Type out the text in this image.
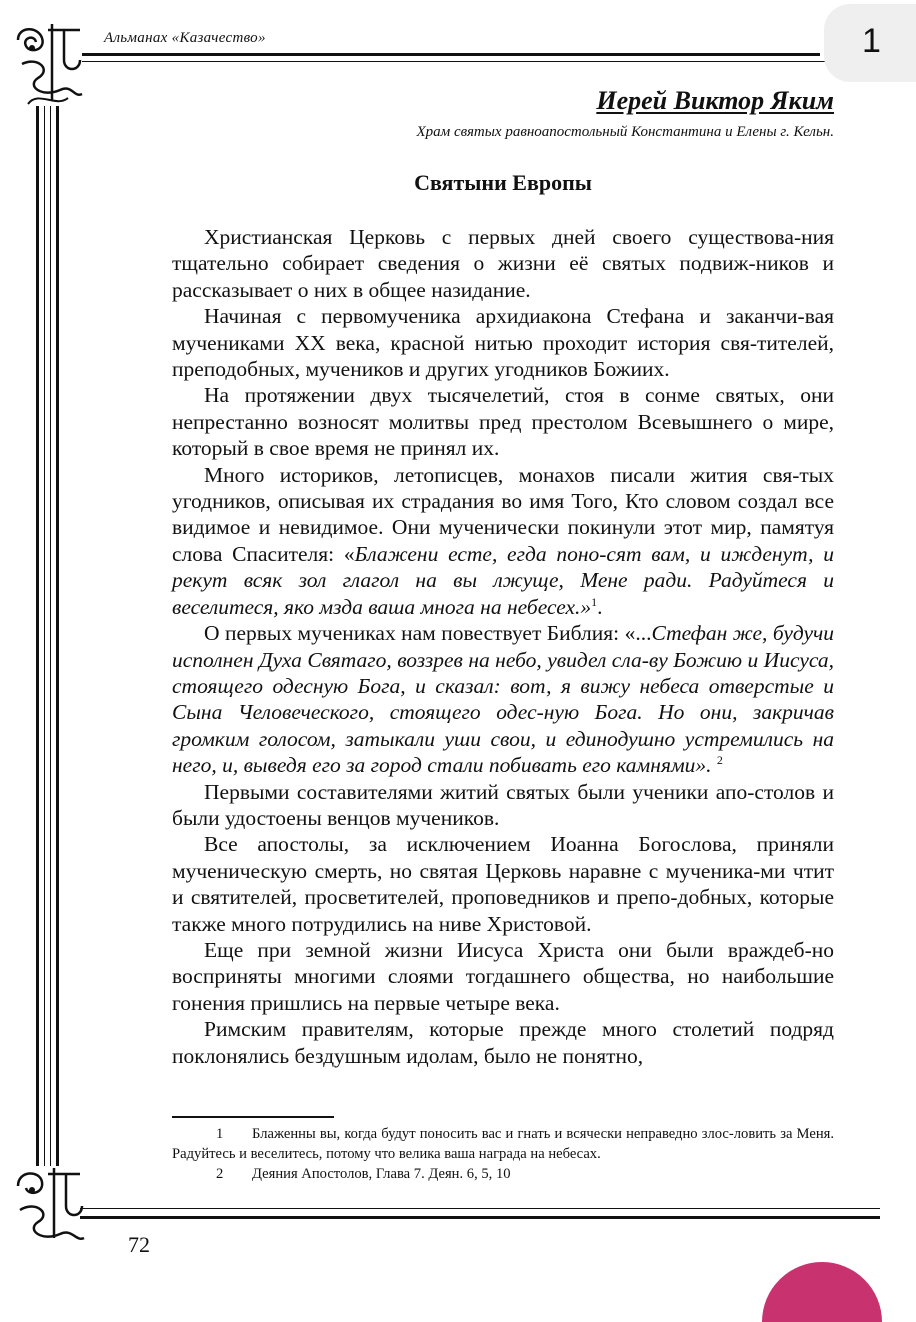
Альманах «Казачество»	1
Иерей Виктор Яким
Храм святых равноапостольный Константина и Елены г. Кельн.
Святыни Европы

Христианская Церковь с первых дней своего существова-ния тщательно собирает сведения о жизни её святых подвиж-ников и рассказывает о них в общее назидание.

Начиная с первомученика архидиакона Стефана и заканчи-вая мучениками XX века, красной нитью проходит история свя-тителей, преподобных, мучеников и других угодников Божиих.

На протяжении двух тысячелетий, стоя в сонме святых, они непрестанно возносят молитвы пред престолом Всевышнего о мире, который в свое время не принял их.

Много историков, летописцев, монахов писали жития свя-тых угодников, описывая их страдания во имя Того, Кто словом создал все видимое и невидимое. Они мученически покинули этот мир, памятуя слова Спасителя: «Блажени есте, егда поно-сят вам, и ижденут, и рекут всяк зол глагол на вы лжуще, Мене ради. Радуйтеся и веселитеся, яко мзда ваша многа на небесех.»$^1$.

О первых мучениках нам повествует Библия: «...Стефан же, будучи исполнен Духа Святаго, воззрев на небо, увидел сла-ву Божию и Иисуса, стоящего одесную Бога, и сказал: вот, я вижу небеса отверстые и Сына Человеческого, стоящего одес-ную Бога. Но они, закричав громким голосом, затыкали уши свои, и единодушно устремились на него, и, выведя его за город стали побивать его камнями». $^2$

Первыми составителями житий святых были ученики апо-столов и были удостоены венцов мучеников.

Все апостолы, за исключением Иоанна Богослова, приняли мученическую смерть, но святая Церковь наравне с мученика-ми чтит и святителей, просветителей, проповедников и препо-добных, которые также много потрудились на ниве Христовой.

Еще при земной жизни Иисуса Христа они были враждеб-но восприняты многими слоями тогдашнего общества, но наибольшие гонения пришлись на первые четыре века.

Римским правителям, которые прежде много столетий подряд поклонялись бездушным идолам, было не понятно,

1 Блаженны вы, когда будут поносить вас и гнать и всячески неправедно злос-ловить за Меня. Радуйтесь и веселитесь, потому что велика ваша награда на небесах.

2 Деяния Апостолов, Глава 7. Деян. 6, 5, 10

72
